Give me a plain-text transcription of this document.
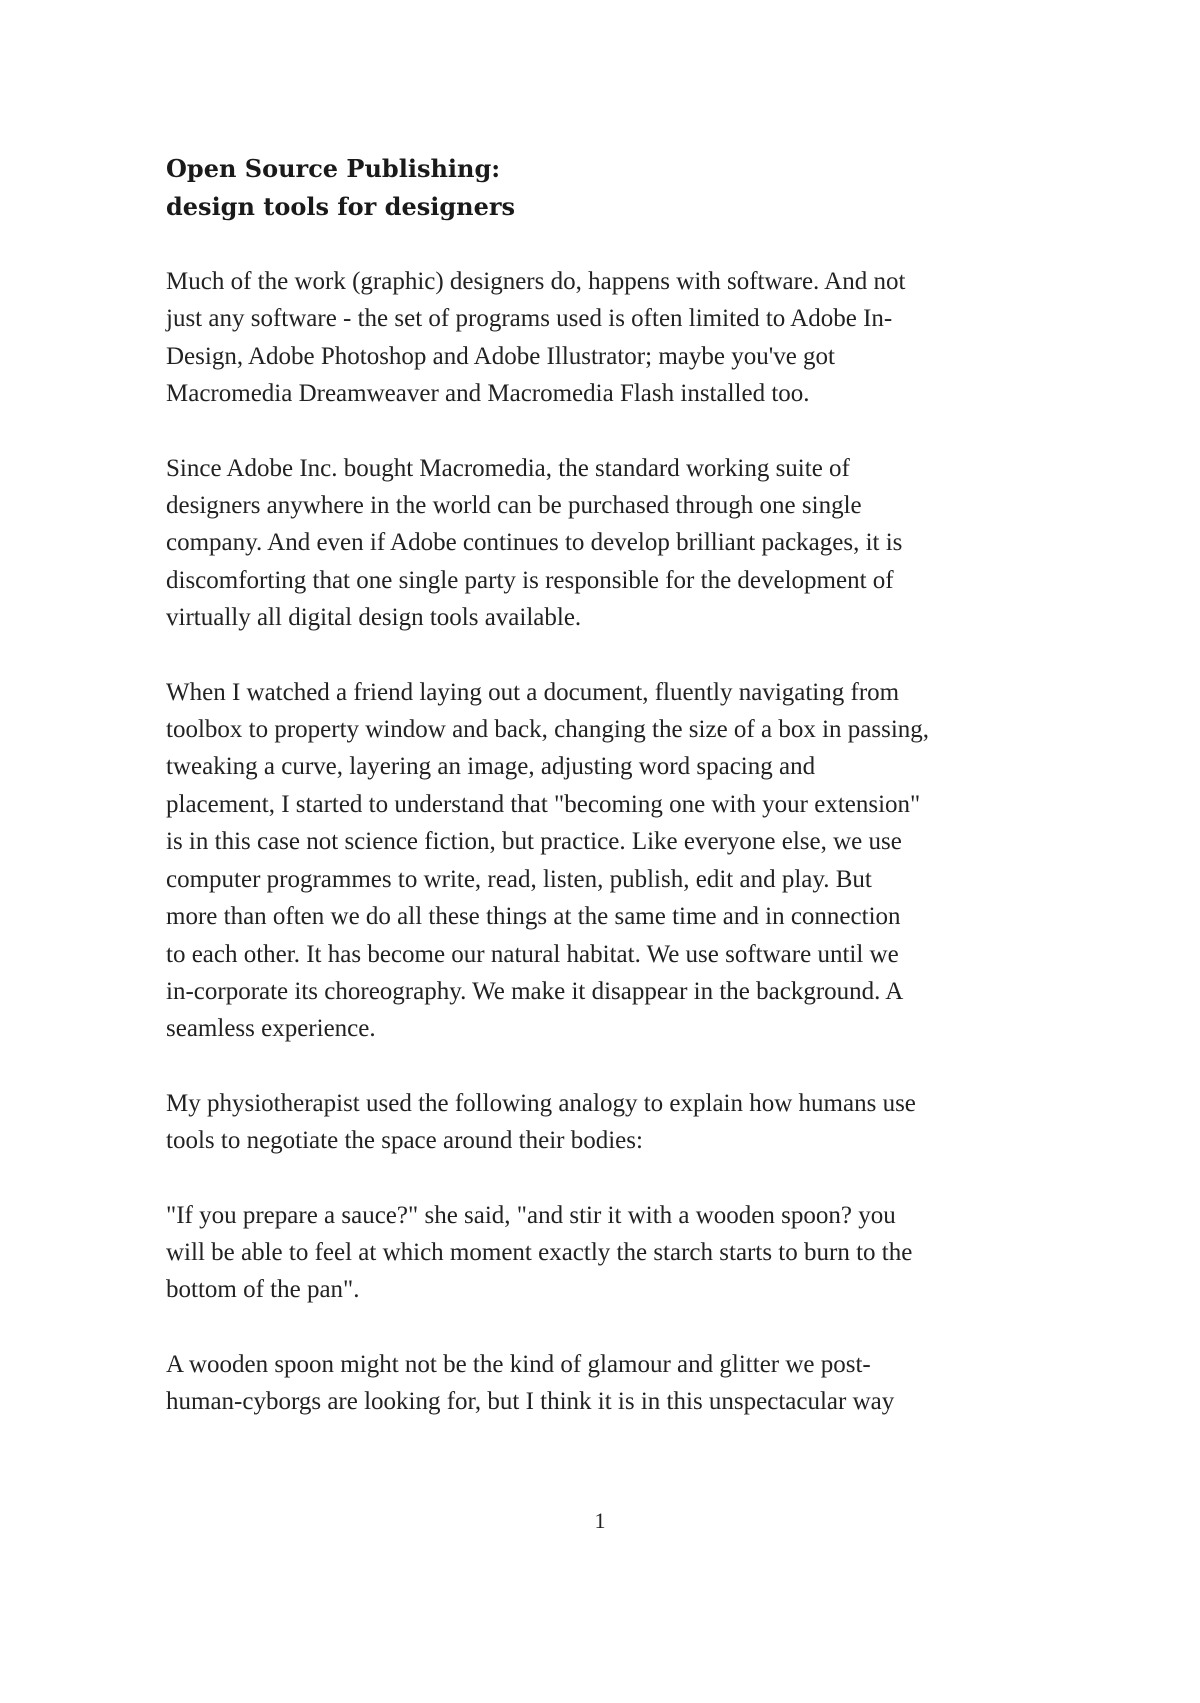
Open Source Publishing:
design tools for designers

Much of the work (graphic) designers do, happens with software. And not
just any software - the set of programs used is often limited to Adobe In-
Design, Adobe Photoshop and Adobe Illustrator; maybe you've got
Macromedia Dreamweaver and Macromedia Flash installed too.

Since Adobe Inc. bought Macromedia, the standard working suite of
designers anywhere in the world can be purchased through one single
company. And even if Adobe continues to develop brilliant packages, it is
discomforting that one single party is responsible for the development of
virtually all digital design tools available.

When I watched a friend laying out a document, fluently navigating from
toolbox to property window and back, changing the size of a box in passing,
tweaking a curve, layering an image, adjusting word spacing and
placement, I started to understand that "becoming one with your extension"
is in this case not science fiction, but practice. Like everyone else, we use
computer programmes to write, read, listen, publish, edit and play. But
more than often we do all these things at the same time and in connection
to each other. It has become our natural habitat. We use software until we
in-corporate its choreography. We make it disappear in the background. A
seamless experience.

My physiotherapist used the following analogy to explain how humans use
tools to negotiate the space around their bodies:

"If you prepare a sauce?" she said, "and stir it with a wooden spoon? you
will be able to feel at which moment exactly the starch starts to burn to the
bottom of the pan".

A wooden spoon might not be the kind of glamour and glitter we post-
human-cyborgs are looking for, but I think it is in this unspectacular way

1
